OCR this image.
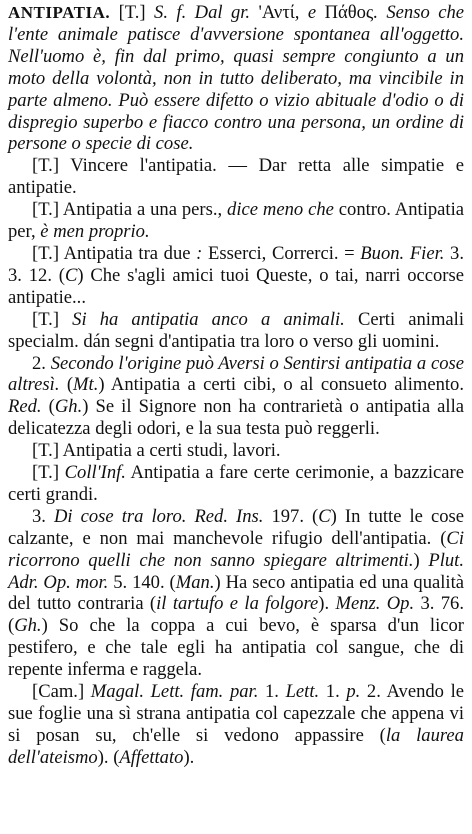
ANTIPATIA. [T.] S. f. Dal gr. 'Αντί, e Πάθος. Senso che l'ente animale patisce d'avversione spontanea all'oggetto. Nell'uomo è, fin dal primo, quasi sempre congiunto a un moto della volontà, non in tutto deliberato, ma vincibile in parte almeno. Può essere difetto o vizio abituale d'odio o di dispregio superbo e fiacco contro una persona, un ordine di persone o specie di cose.

[T.] Vincere l'antipatia. — Dar retta alle simpatie e antipatie.

[T.] Antipatia a una pers., dice meno che contro. Antipatia per, è men proprio.

[T.] Antipatia tra due : Esserci, Correrci. = Buon. Fier. 3. 3. 12. (C) Che s'agli amici tuoi Queste, o tai, narri occorse antipatie...

[T.] Si ha antipatia anco a animali. Certi animali specialm. dán segni d'antipatia tra loro o verso gli uomini.

2. Secondo l'origine può Aversi o Sentirsi antipatia a cose altresì. (Mt.) Antipatia a certi cibi, o al consueto alimento. Red. (Gh.) Se il Signore non ha contrarietà o antipatia alla delicatezza degli odori, e la sua testa può reggerli.

[T.] Antipatia a certi studi, lavori.

[T.] Coll'Inf. Antipatia a fare certe cerimonie, a bazzicare certi grandi.

3. Di cose tra loro. Red. Ins. 197. (C) In tutte le cose calzante, e non mai manchevole rifugio dell'antipatia. (Ci ricorrono quelli che non sanno spiegare altrimenti.) Plut. Adr. Op. mor. 5. 140. (Man.) Ha seco antipatia ed una qualità del tutto contraria (il tartufo e la folgore). Menz. Op. 3. 76. (Gh.) So che la coppa a cui bevo, è sparsa d'un licor pestifero, e che tale egli ha antipatia col sangue, che di repente inferma e raggela.

[Cam.] Magal. Lett. fam. par. 1. Lett. 1. p. 2. Avendo le sue foglie una sì strana antipatia col capezzale che appena vi si posan su, ch'elle si vedono appassire (la laurea dell'ateismo). (Affettato).
